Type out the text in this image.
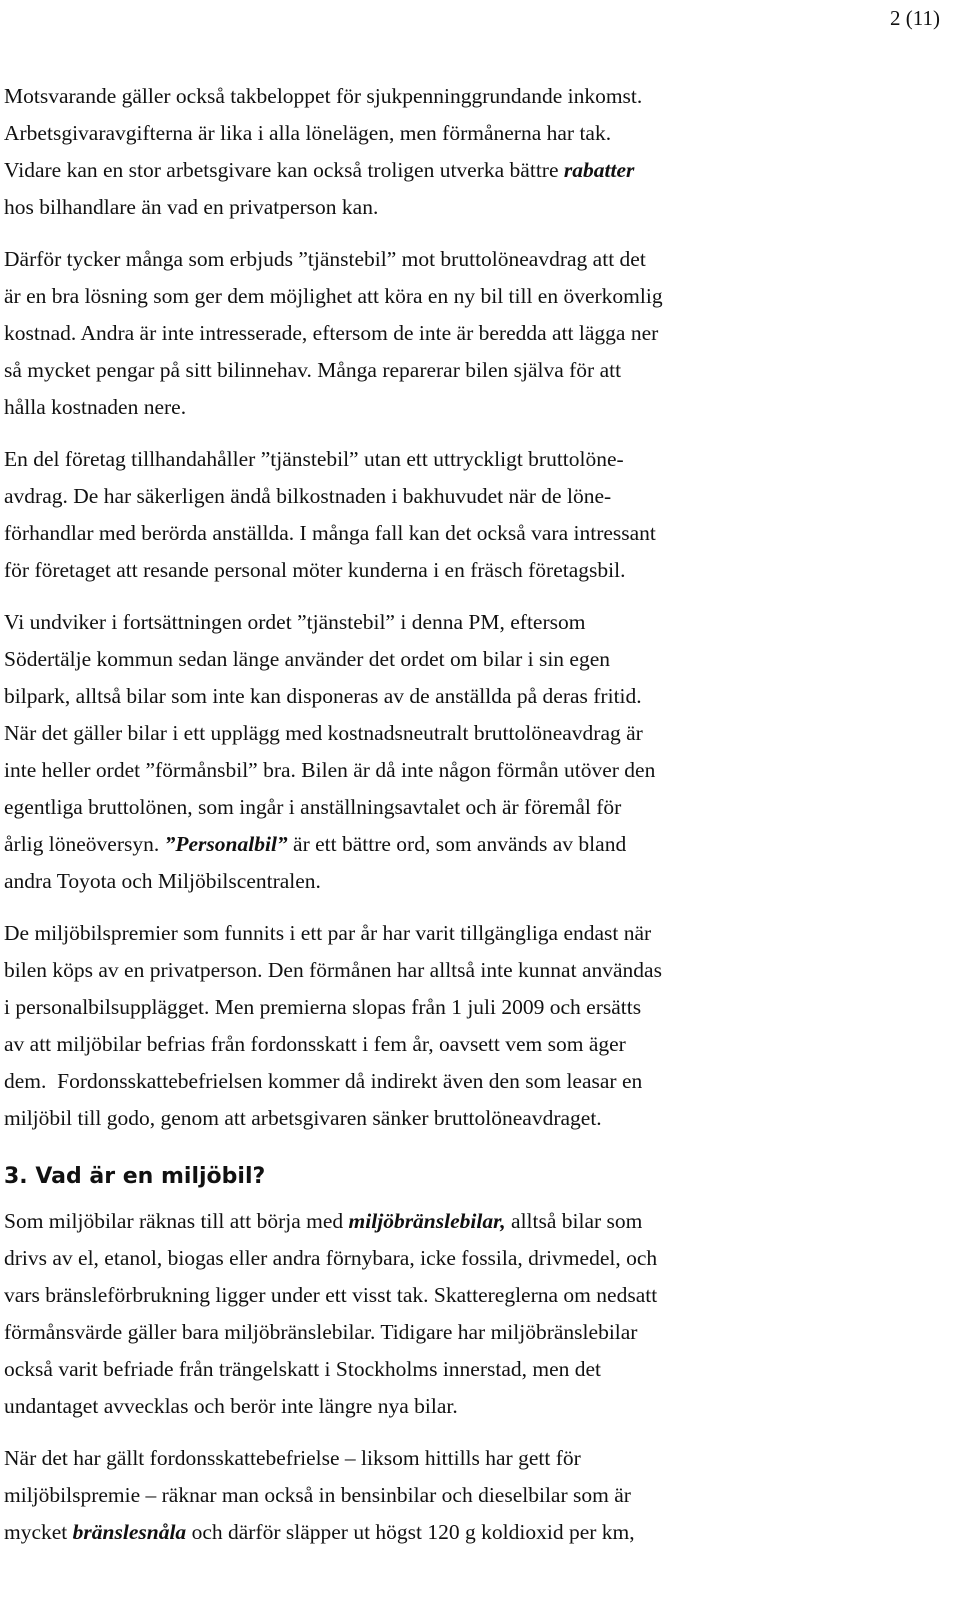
2 (11)

Motsvarande gäller också takbeloppet för sjukpenninggrundande inkomst.
Arbetsgivaravgifterna är lika i alla lönelägen, men förmånerna har tak.
Vidare kan en stor arbetsgivare kan också troligen utverka bättre rabatter
hos bilhandlare än vad en privatperson kan.

Därför tycker många som erbjuds ”tjänstebil” mot bruttolöneavdrag att det
är en bra lösning som ger dem möjlighet att köra en ny bil till en överkomlig
kostnad. Andra är inte intresserade, eftersom de inte är beredda att lägga ner
så mycket pengar på sitt bilinnehav. Många reparerar bilen själva för att
hålla kostnaden nere.

En del företag tillhandahåller ”tjänstebil” utan ett uttryckligt bruttolöne-
avdrag. De har säkerligen ändå bilkostnaden i bakhuvudet när de löne-
förhandlar med berörda anställda. I många fall kan det också vara intressant
för företaget att resande personal möter kunderna i en fräsch företagsbil.

Vi undviker i fortsättningen ordet ”tjänstebil” i denna PM, eftersom
Södertälje kommun sedan länge använder det ordet om bilar i sin egen
bilpark, alltså bilar som inte kan disponeras av de anställda på deras fritid.
När det gäller bilar i ett upplägg med kostnadsneutralt bruttolöneavdrag är
inte heller ordet ”förmånsbil” bra. Bilen är då inte någon förmån utöver den
egentliga bruttolönen, som ingår i anställningsavtalet och är föremål för
årlig löneöversyn. ”Personalbil” är ett bättre ord, som används av bland
andra Toyota och Miljöbilscentralen.

De miljöbilspremier som funnits i ett par år har varit tillgängliga endast när
bilen köps av en privatperson. Den förmånen har alltså inte kunnat användas
i personalbilsupplägget. Men premierna slopas från 1 juli 2009 och ersätts
av att miljöbilar befrias från fordonsskatt i fem år, oavsett vem som äger
dem.  Fordonsskattebefrielsen kommer då indirekt även den som leasar en
miljöbil till godo, genom att arbetsgivaren sänker bruttolöneavdraget.

3. Vad är en miljöbil?

Som miljöbilar räknas till att börja med miljöbränslebilar, alltså bilar som
drivs av el, etanol, biogas eller andra förnybara, icke fossila, drivmedel, och
vars bränsleförbrukning ligger under ett visst tak. Skattereglerna om nedsatt
förmånsvärde gäller bara miljöbränslebilar. Tidigare har miljöbränslebilar
också varit befriade från trängelskatt i Stockholms innerstad, men det
undantaget avvecklas och berör inte längre nya bilar.

När det har gällt fordonsskattebefrielse – liksom hittills har gett för
miljöbilspremie – räknar man också in bensinbilar och dieselbilar som är
mycket bränslesnåla och därför släpper ut högst 120 g koldioxid per km,
